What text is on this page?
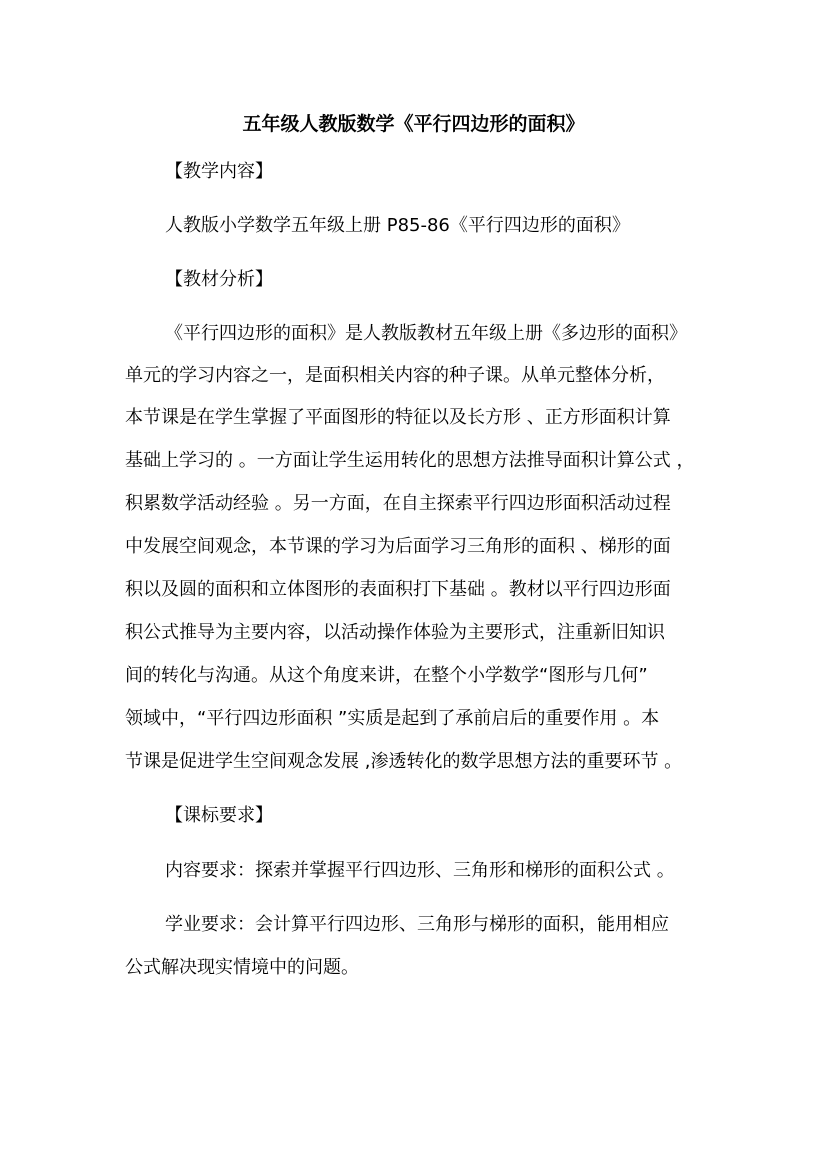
五年级人教版数学《平行四边形的面积》
【教学内容】
人教版小学数学五年级上册 P85-86《平行四边形的面积》
【教材分析】
《平行四边形的面积》是人教版教材五年级上册《多边形的面积》
单元的学习内容之一，是面积相关内容的种子课。从单元整体分析，
本节课是在学生掌握了平面图形的特征以及长方形 、正方形面积计算
基础上学习的 。一方面让学生运用转化的思想方法推导面积计算公式 ，
积累数学活动经验 。另一方面，在自主探索平行四边形面积活动过程
中发展空间观念，本节课的学习为后面学习三角形的面积 、梯形的面
积以及圆的面积和立体图形的表面积打下基础 。教材以平行四边形面
积公式推导为主要内容，以活动操作体验为主要形式，注重新旧知识
间的转化与沟通。从这个角度来讲，在整个小学数学“图形与几何”
领域中，“平行四边形面积 ”实质是起到了承前启后的重要作用 。本
节课是促进学生空间观念发展 ,渗透转化的数学思想方法的重要环节 。
【课标要求】
内容要求：探索并掌握平行四边形、三角形和梯形的面积公式 。
学业要求：会计算平行四边形、三角形与梯形的面积，能用相应
公式解决现实情境中的问题。
